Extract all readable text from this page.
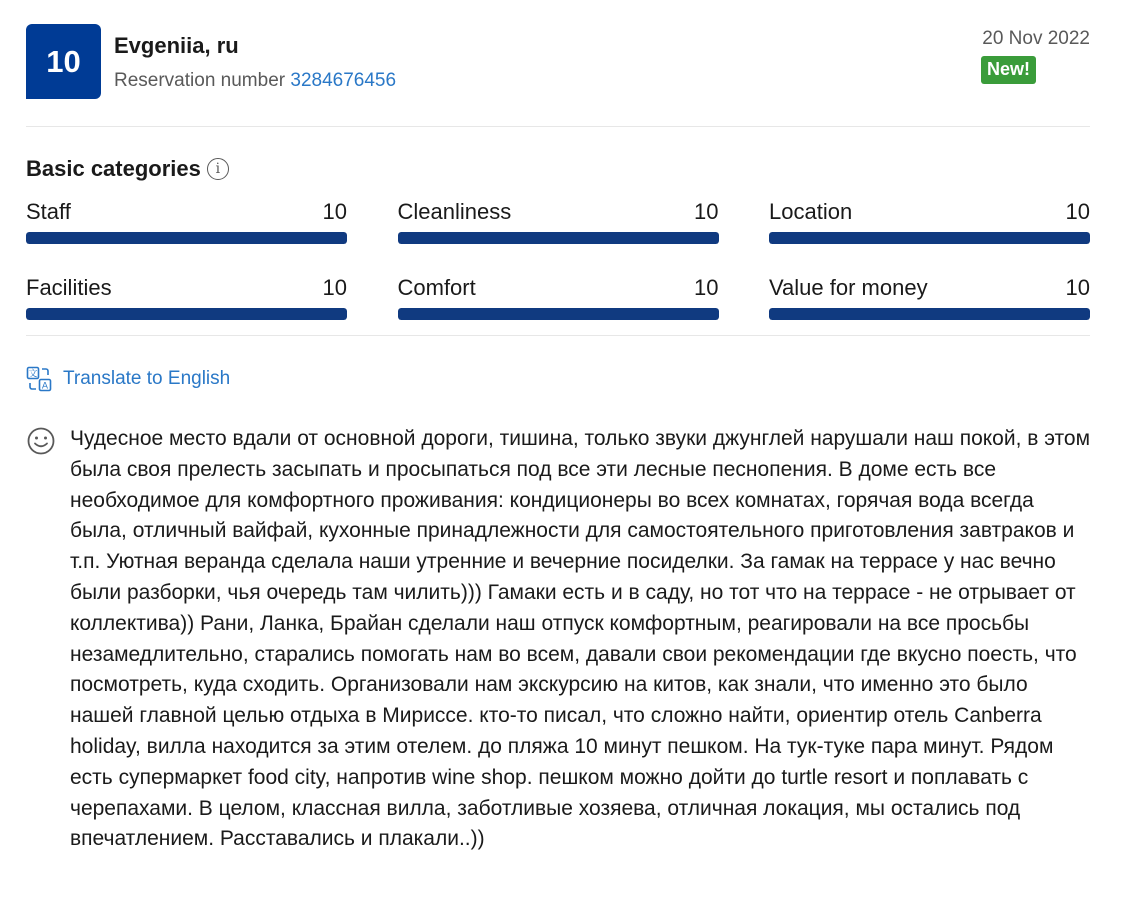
10 Evgeniia, ru
Reservation number 3284676456
20 Nov 2022
New!
Basic categories	i
Staff	10 Cleanliness	10 Location	10
Facilities	10 Comfort	10 Value for money	10
文
A Translate to English

Чудесное место вдали от основной дороги, тишина, только звуки джунглей нарушали наш покой, в этом была своя прелесть засыпать и просыпаться под все эти лесные песнопения. В доме есть все необходимое для комфортного проживания: кондиционеры во всех комнатах, горячая вода всегда была, отличный вайфай, кухонные принадлежности для самостоятельного приготовления завтраков и т.п. Уютная веранда сделала наши утренние и вечерние посиделки. За гамак на террасе у нас вечно были разборки, чья очередь там чилить))) Гамаки есть и в саду, но тот что на террасе - не отрывает от коллектива)) Рани, Ланка, Брайан сделали наш отпуск комфортным, реагировали на все просьбы незамедлительно, старались помогать нам во всем, давали свои рекомендации где вкусно поесть, что посмотреть, куда сходить. Организовали нам экскурсию на китов, как знали, что именно это было нашей главной целью отдыха в Мириссе. кто-то писал, что сложно найти, ориентир отель Canberra holiday, вилла находится за этим отелем. до пляжа 10 минут пешком. На тук-туке пара минут. Рядом есть супермаркет food city, напротив wine shop. пешком можно дойти до turtle resort и поплавать с черепахами. В целом, классная вилла, заботливые хозяева, отличная локация, мы остались под впечатлением. Расставались и плакали..))
